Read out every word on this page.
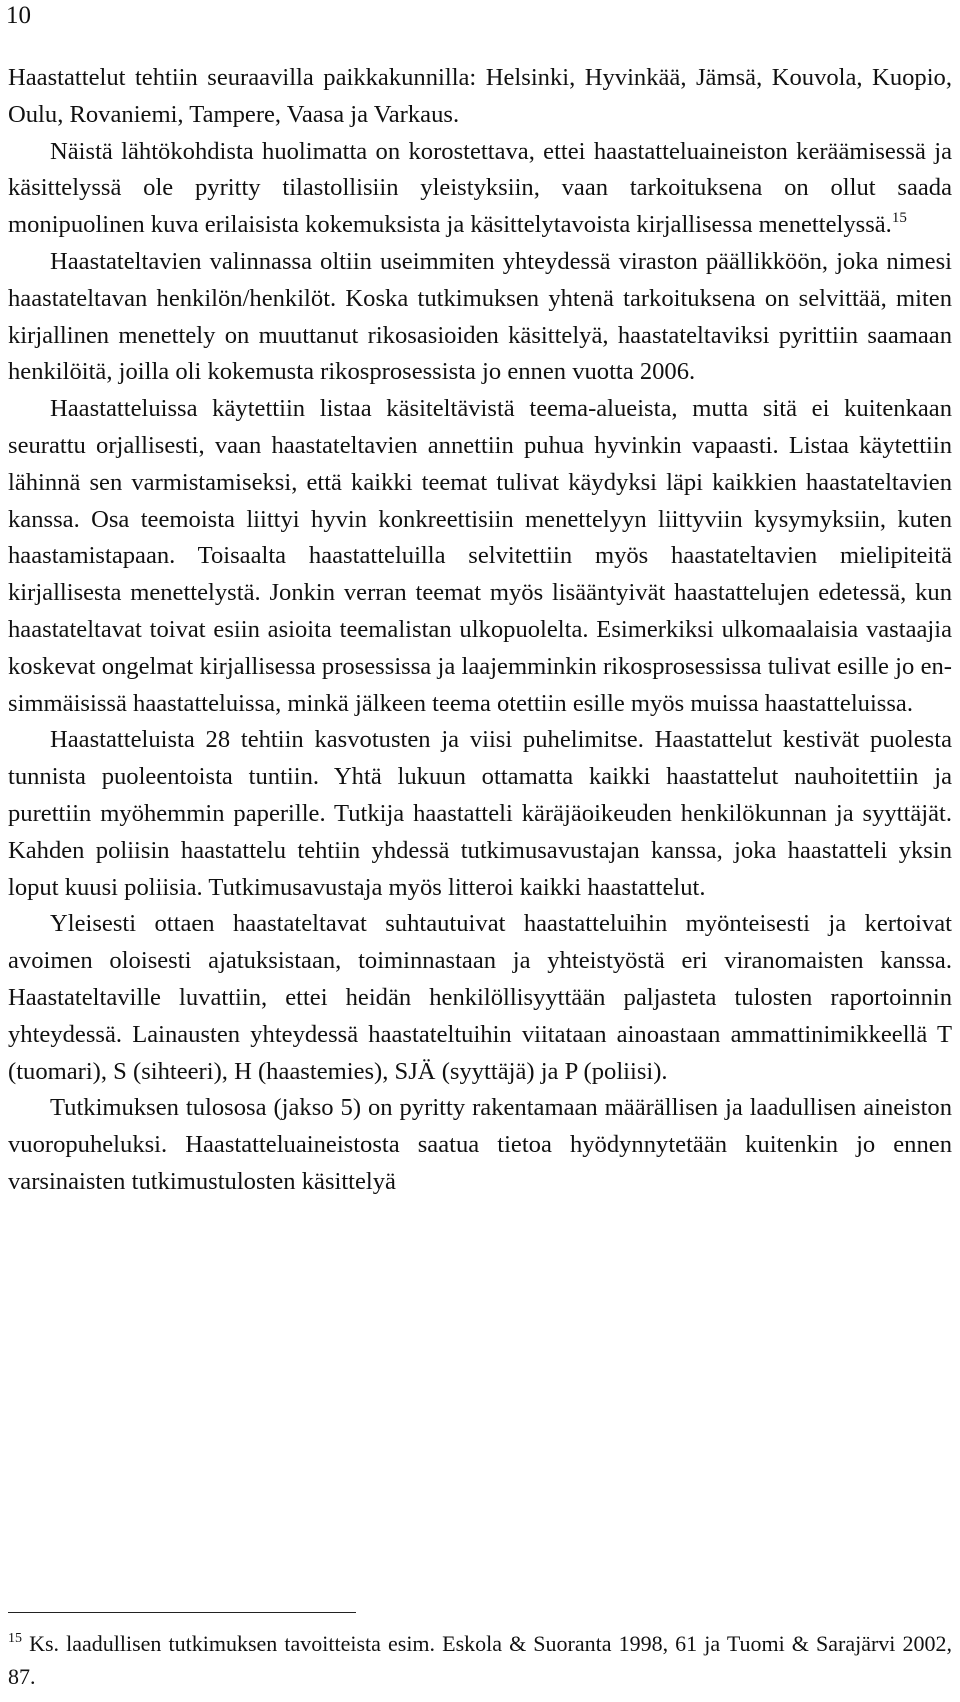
10

Haastattelut tehtiin seuraavilla paikkakunnilla: Helsinki, Hyvinkää, Jämsä, Kouvola, Kuopio, Oulu, Rovaniemi, Tampere, Vaasa ja Varkaus.

Näistä lähtökohdista huolimatta on korostettava, ettei haastatteluaineiston keräämisessä ja käsittelyssä ole pyritty tilastollisiin yleistyksiin, vaan tarkoituksena on ollut saada monipuolinen kuva erilaisista kokemuksista ja käsittelytavoista kirjallisessa menettelyssä.$^{15}$

Haastateltavien valinnassa oltiin useimmiten yhteydessä viraston päällikköön, joka nimesi haastateltavan henkilön/henkilöt. Koska tutkimuksen yhtenä tarkoituksena on selvittää, miten kirjallinen menettely on muuttanut rikosasioiden käsittelyä, haastateltaviksi pyrittiin saamaan henkilöitä, joilla oli kokemusta rikosprosessista jo ennen vuotta 2006.

Haastatteluissa käytettiin listaa käsiteltävistä teema-alueista, mutta sitä ei kuitenkaan seurattu orjallisesti, vaan haastateltavien annettiin puhua hyvinkin vapaasti. Listaa käytettiin lähinnä sen varmistamiseksi, että kaikki teemat tulivat käydyksi läpi kaikkien haastateltavien kanssa. Osa teemoista liittyi hyvin konkreettisiin menettelyyn liittyviin kysymyksiin, kuten haastamistapaan. Toisaalta haastatteluilla selvitettiin myös haastateltavien mielipiteitä kirjallisesta menettelystä. Jonkin verran teemat myös lisääntyivät haastattelujen edetessä, kun haastateltavat toivat esiin asioita teemalistan ulkopuolelta. Esimerkiksi ulkomaalaisia vastaajia koskevat ongelmat kirjallisessa prosessissa ja laajemminkin rikosprosessissa tulivat esille jo ensimmäisissä haastatteluissa, minkä jälkeen teema otettiin esille myös muissa haastatteluissa.

Haastatteluista 28 tehtiin kasvotusten ja viisi puhelimitse. Haastattelut kestivät puolesta tunnista puoleentoista tuntiin. Yhtä lukuun ottamatta kaikki haastattelut nauhoitettiin ja purettiin myöhemmin paperille. Tutkija haastatteli käräjäoikeuden henkilökunnan ja syyttäjät. Kahden poliisin haastattelu tehtiin yhdessä tutkimusavustajan kanssa, joka haastatteli yksin loput kuusi poliisia. Tutkimusavustaja myös litteroi kaikki haastattelut.

Yleisesti ottaen haastateltavat suhtautuivat haastatteluihin myönteisesti ja kertoivat avoimen oloisesti ajatuksistaan, toiminnastaan ja yhteistyöstä eri viranomaisten kanssa. Haastateltaville luvattiin, ettei heidän henkilöllisyyttään paljasteta tulosten raportoinnin yhteydessä. Lainausten yhteydessä haastateltuihin viitataan ainoastaan ammattinimikkeellä T (tuomari), S (sihteeri), H (haastemies), SJÄ (syyttäjä) ja P (poliisi).

Tutkimuksen tulososa (jakso 5) on pyritty rakentamaan määrällisen ja laadullisen aineiston vuoropuheluksi. Haastatteluaineistosta saatua tietoa hyödynnytetään kuitenkin jo ennen varsinaisten tutkimustulosten käsittelyä

$^{15}$ Ks. laadullisen tutkimuksen tavoitteista esim. Eskola & Suoranta 1998, 61 ja Tuomi & Sarajärvi 2002, 87.
